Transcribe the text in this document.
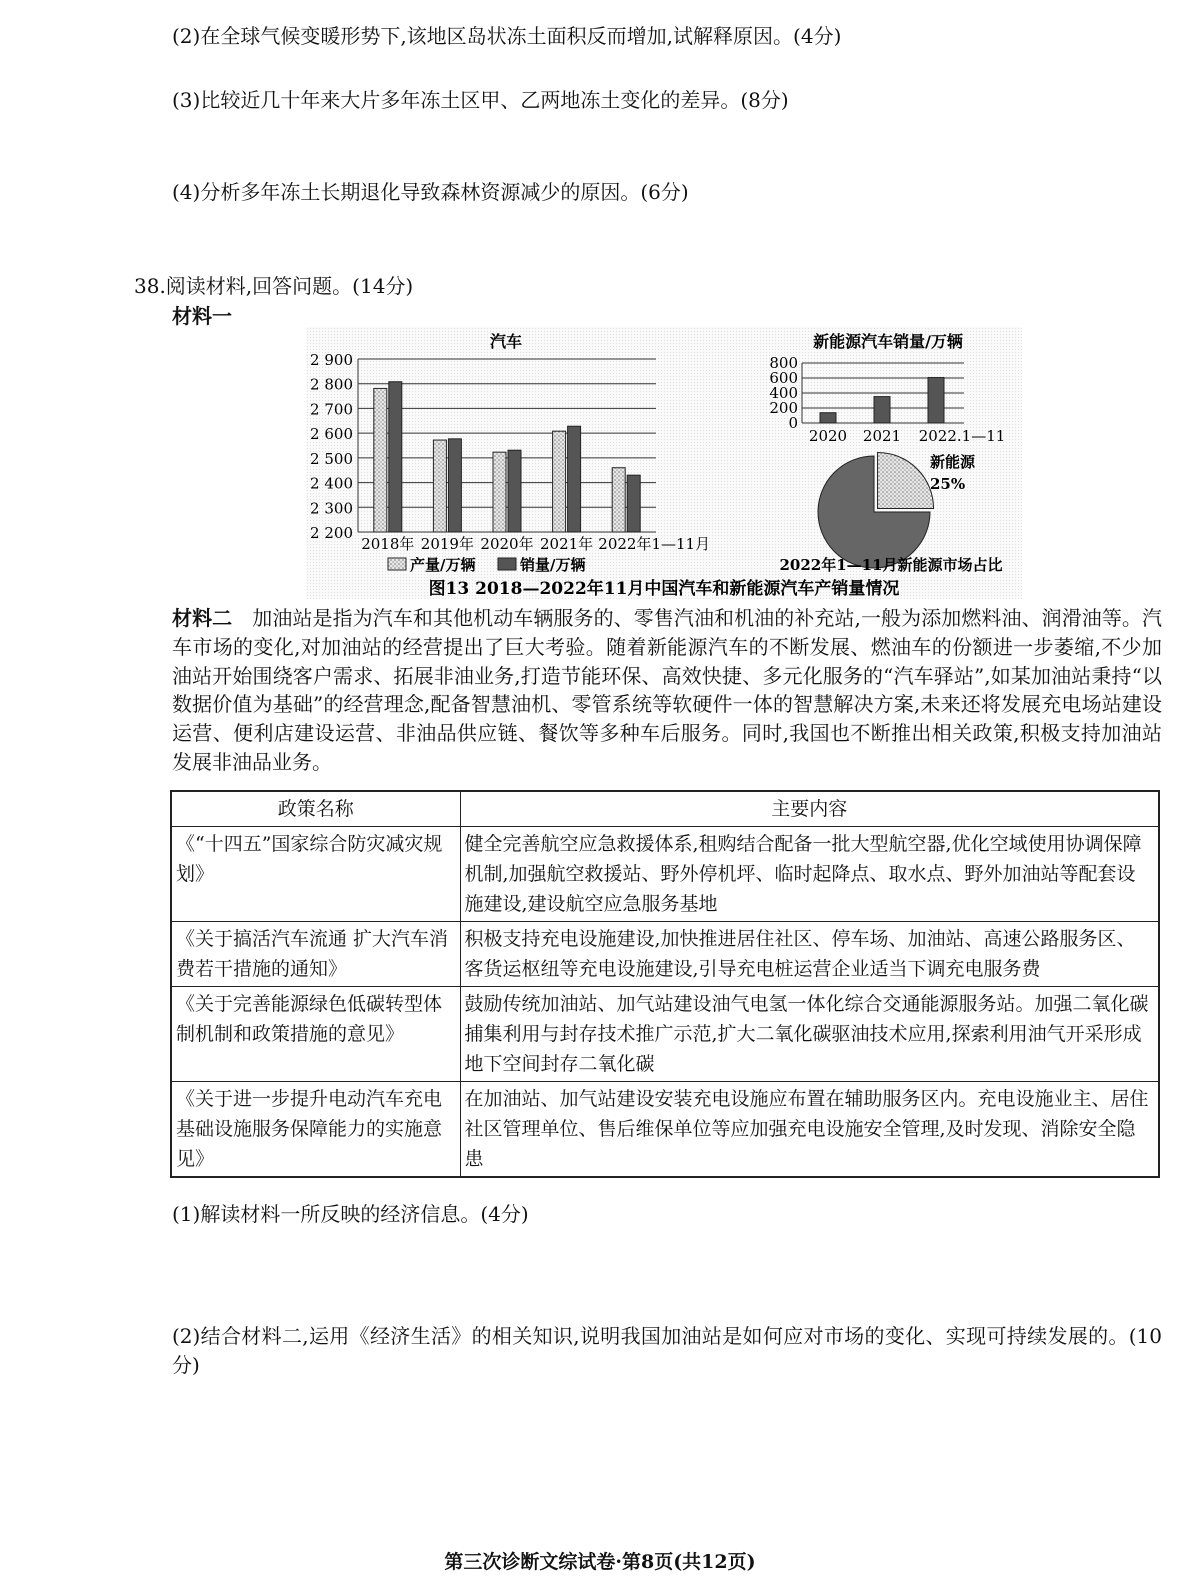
(2)在全球气候变暖形势下,该地区岛状冻土面积反而增加,试解释原因。(4分)
(3)比较近几十年来大片多年冻土区甲、乙两地冻土变化的差异。(8分)
(4)分析多年冻土长期退化导致森林资源减少的原因。(6分)
38.阅读材料,回答问题。(14分)
材料一
汽车
2 900
2 800
2 700
2 600
2 500
2 400
2 300
2 200
2018年 2019年 2020年 2021年 2022年1—11月
新能源汽车销量/万辆
800
600
400
200
0
2020 2021 2022.1—11
新能源
25%
2022年1—11月新能源市场占比
产量/万辆	销量/万辆
图13 2018—2022年11月中国汽车和新能源汽车产销量情况
材料二 加油站是指为汽车和其他机动车辆服务的、零售汽油和机油的补充站,一般为添加燃料油、润滑油等。汽车市场的变化,对加油站的经营提出了巨大考验。随着新能源汽车的不断发展、燃油车的份额进一步萎缩,不少加油站开始围绕客户需求、拓展非油业务,打造节能环保、高效快捷、多元化服务的“汽车驿站”,如某加油站秉持“以数据价值为基础”的经营理念,配备智慧油机、零管系统等软硬件一体的智慧解决方案,未来还将发展充电场站建设运营、便利店建设运营、非油品供应链、餐饮等多种车后服务。同时,我国也不断推出相关政策,积极支持加油站发展非油品业务。
政策名称	主要内容
《“十四五”国家综合防灾减灾规划》	健全完善航空应急救援体系,租购结合配备一批大型航空器,优化空域使用协调保障机制,加强航空救援站、野外停机坪、临时起降点、取水点、野外加油站等配套设施建设,建设航空应急服务基地
《关于搞活汽车流通 扩大汽车消费若干措施的通知》	积极支持充电设施建设,加快推进居住社区、停车场、加油站、高速公路服务区、客货运枢纽等充电设施建设,引导充电桩运营企业适当下调充电服务费
《关于完善能源绿色低碳转型体制机制和政策措施的意见》	鼓励传统加油站、加气站建设油气电氢一体化综合交通能源服务站。加强二氧化碳捕集利用与封存技术推广示范,扩大二氧化碳驱油技术应用,探索利用油气开采形成地下空间封存二氧化碳
《关于进一步提升电动汽车充电基础设施服务保障能力的实施意见》	在加油站、加气站建设安装充电设施应布置在辅助服务区内。充电设施业主、居住社区管理单位、售后维保单位等应加强充电设施安全管理,及时发现、消除安全隐患
(1)解读材料一所反映的经济信息。(4分)
(2)结合材料二,运用《经济生活》的相关知识,说明我国加油站是如何应对市场的变化、实现可持续发展的。(10分)
第三次诊断文综试卷·第8页(共12页)
